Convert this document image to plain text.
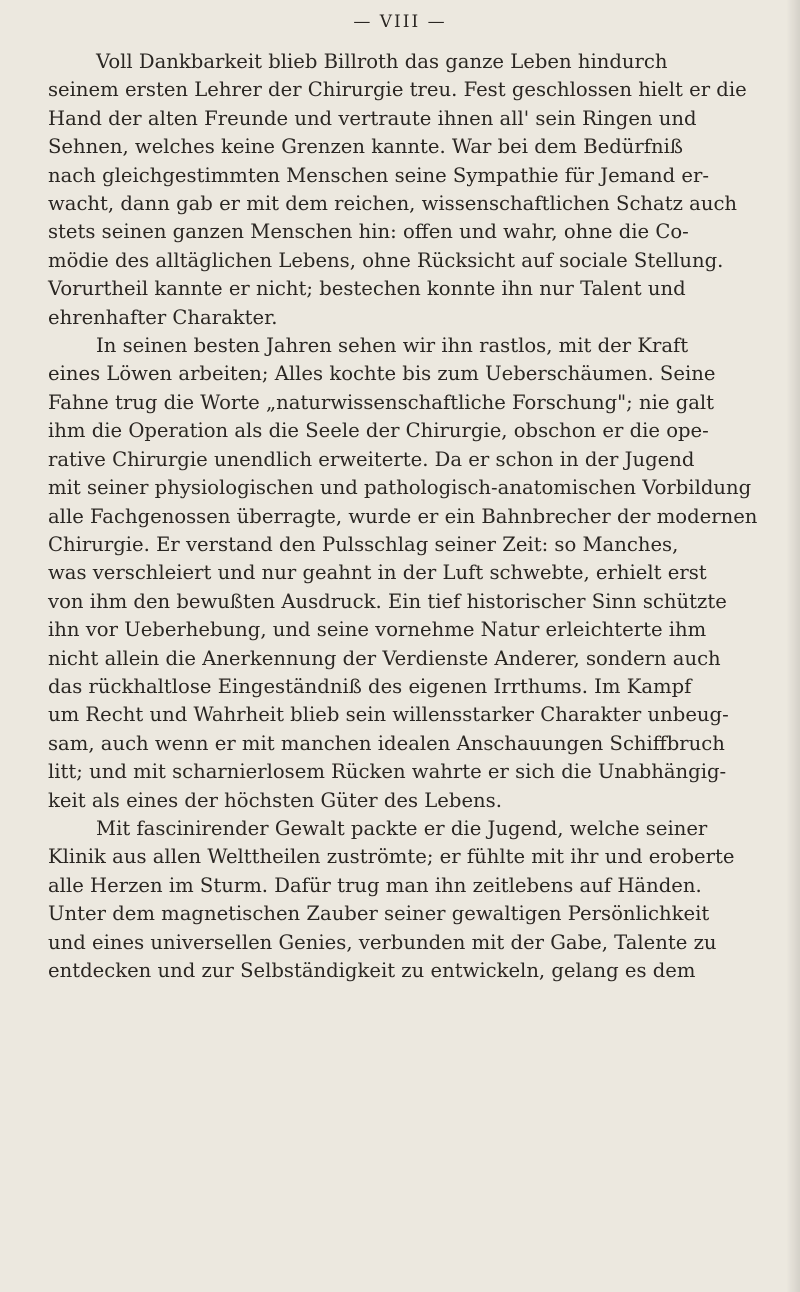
— VIII —

Voll Dankbarkeit blieb Billroth das ganze Leben hindurch
seinem ersten Lehrer der Chirurgie treu. Fest geschlossen hielt er die
Hand der alten Freunde und vertraute ihnen all' sein Ringen und
Sehnen, welches keine Grenzen kannte. War bei dem Bedürfniß
nach gleichgestimmten Menschen seine Sympathie für Jemand er-
wacht, dann gab er mit dem reichen, wissenschaftlichen Schatz auch
stets seinen ganzen Menschen hin: offen und wahr, ohne die Co-
mödie des alltäglichen Lebens, ohne Rücksicht auf sociale Stellung.
Vorurtheil kannte er nicht; bestechen konnte ihn nur Talent und
ehrenhafter Charakter.

In seinen besten Jahren sehen wir ihn rastlos, mit der Kraft
eines Löwen arbeiten; Alles kochte bis zum Ueberschäumen. Seine
Fahne trug die Worte „naturwissenschaftliche Forschung"; nie galt
ihm die Operation als die Seele der Chirurgie, obschon er die ope-
rative Chirurgie unendlich erweiterte. Da er schon in der Jugend
mit seiner physiologischen und pathologisch-anatomischen Vorbildung
alle Fachgenossen überragte, wurde er ein Bahnbrecher der modernen
Chirurgie. Er verstand den Pulsschlag seiner Zeit: so Manches,
was verschleiert und nur geahnt in der Luft schwebte, erhielt erst
von ihm den bewußten Ausdruck. Ein tief historischer Sinn schützte
ihn vor Ueberhebung, und seine vornehme Natur erleichterte ihm
nicht allein die Anerkennung der Verdienste Anderer, sondern auch
das rückhaltlose Eingeständniß des eigenen Irrthums. Im Kampf
um Recht und Wahrheit blieb sein willensstarker Charakter unbeug-
sam, auch wenn er mit manchen idealen Anschauungen Schiffbruch
litt; und mit scharnierlosem Rücken wahrte er sich die Unabhängig-
keit als eines der höchsten Güter des Lebens.

Mit fascinirender Gewalt packte er die Jugend, welche seiner
Klinik aus allen Welttheilen zuströmte; er fühlte mit ihr und eroberte
alle Herzen im Sturm. Dafür trug man ihn zeitlebens auf Händen.
Unter dem magnetischen Zauber seiner gewaltigen Persönlichkeit
und eines universellen Genies, verbunden mit der Gabe, Talente zu
entdecken und zur Selbständigkeit zu entwickeln, gelang es dem
